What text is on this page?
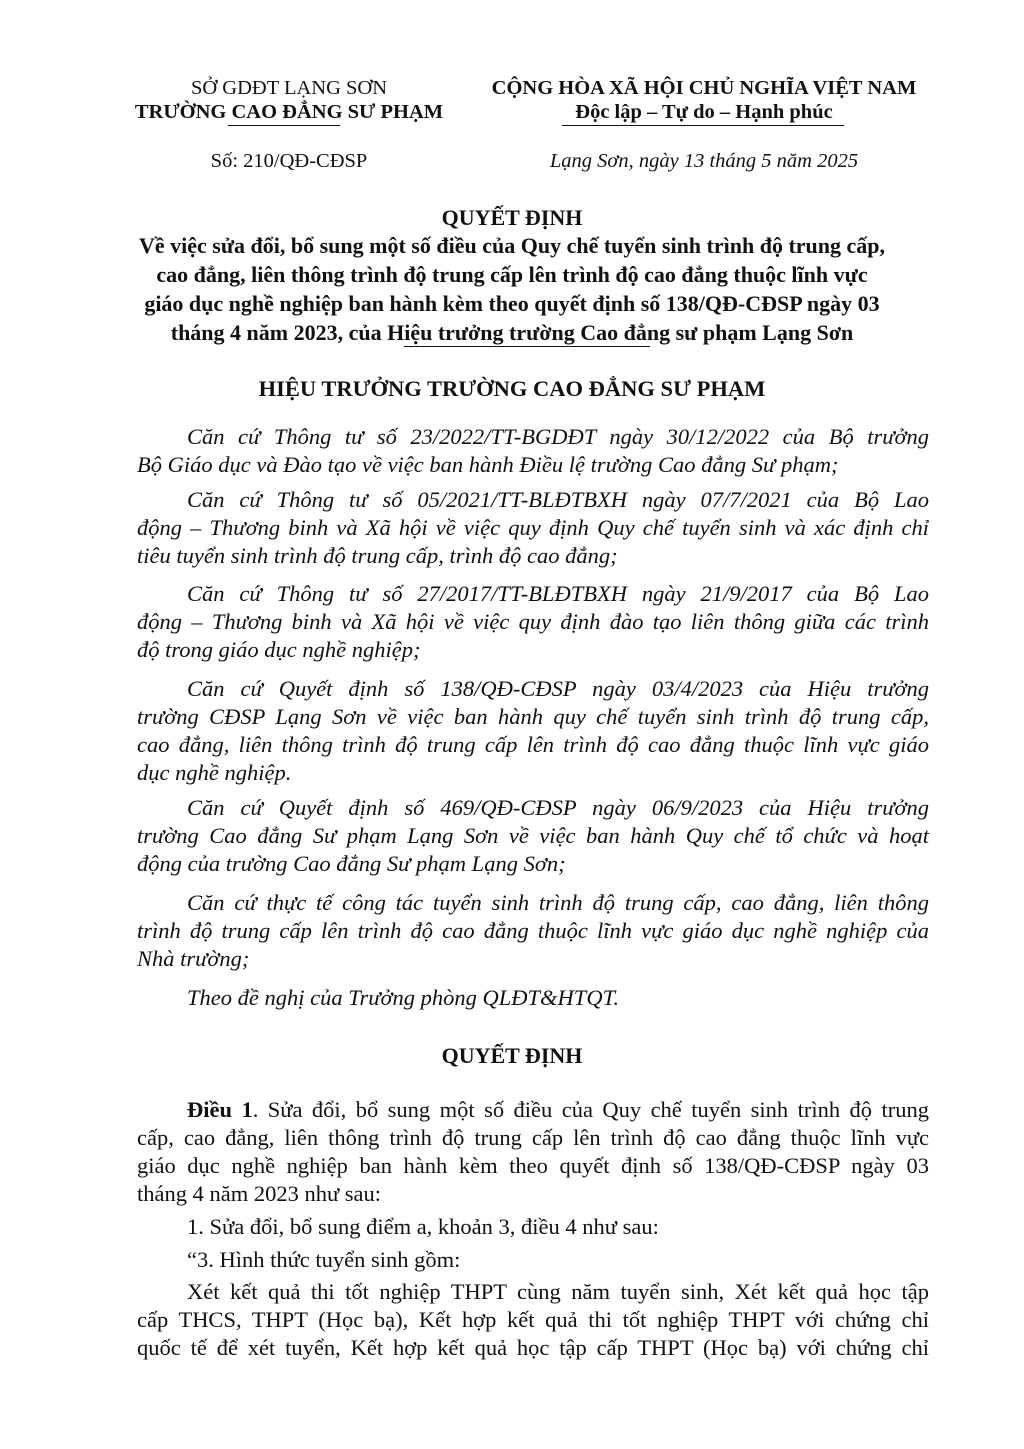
SỞ GDĐT LẠNG SƠN
TRƯỜNG CAO ĐẲNG SƯ PHẠM
CỘNG HÒA XÃ HỘI CHỦ NGHĨA VIỆT NAM
Độc lập – Tự do – Hạnh phúc
Số: 210/QĐ-CĐSP	Lạng Sơn, ngày 13 tháng 5 năm 2025
QUYẾT ĐỊNH
Về việc sửa đổi, bổ sung một số điều của Quy chế tuyển sinh trình độ trung cấp,
cao đẳng, liên thông trình độ trung cấp lên trình độ cao đẳng thuộc lĩnh vực
giáo dục nghề nghiệp ban hành kèm theo quyết định số 138/QĐ-CĐSP ngày 03
tháng 4 năm 2023, của Hiệu trưởng trường Cao đẳng sư phạm Lạng Sơn
HIỆU TRƯỞNG TRƯỜNG CAO ĐẲNG SƯ PHẠM
Căn cứ Thông tư số 23/2022/TT-BGDĐT ngày 30/12/2022 của Bộ trưởng
Bộ Giáo dục và Đào tạo về việc ban hành Điều lệ trường Cao đẳng Sư phạm;
Căn cứ Thông tư số 05/2021/TT-BLĐTBXH ngày 07/7/2021 của Bộ Lao
động – Thương binh và Xã hội về việc quy định Quy chế tuyển sinh và xác định chỉ
tiêu tuyển sinh trình độ trung cấp, trình độ cao đẳng;
Căn cứ Thông tư số 27/2017/TT-BLĐTBXH ngày 21/9/2017 của Bộ Lao
động – Thương binh và Xã hội về việc quy định đào tạo liên thông giữa các trình
độ trong giáo dục nghề nghiệp;
Căn cứ Quyết định số 138/QĐ-CĐSP ngày 03/4/2023 của Hiệu trưởng
trường CĐSP Lạng Sơn về việc ban hành quy chế tuyển sinh trình độ trung cấp,
cao đẳng, liên thông trình độ trung cấp lên trình độ cao đẳng thuộc lĩnh vực giáo
dục nghề nghiệp.
Căn cứ Quyết định số 469/QĐ-CĐSP ngày 06/9/2023 của Hiệu trưởng
trường Cao đẳng Sư phạm Lạng Sơn về việc ban hành Quy chế tổ chức và hoạt
động của trường Cao đẳng Sư phạm Lạng Sơn;
Căn cứ thực tế công tác tuyển sinh trình độ trung cấp, cao đẳng, liên thông
trình độ trung cấp lên trình độ cao đẳng thuộc lĩnh vực giáo dục nghề nghiệp của
Nhà trường;
Theo đề nghị của Trưởng phòng QLĐT&HTQT.
QUYẾT ĐỊNH
Điều 1. Sửa đổi, bổ sung một số điều của Quy chế tuyển sinh trình độ trung
cấp, cao đẳng, liên thông trình độ trung cấp lên trình độ cao đẳng thuộc lĩnh vực
giáo dục nghề nghiệp ban hành kèm theo quyết định số 138/QĐ-CĐSP ngày 03
tháng 4 năm 2023 như sau:
1. Sửa đổi, bổ sung điểm a, khoản 3, điều 4 như sau:
“3. Hình thức tuyển sinh gồm:
Xét kết quả thi tốt nghiệp THPT cùng năm tuyển sinh, Xét kết quả học tập
cấp THCS, THPT (Học bạ), Kết hợp kết quả thi tốt nghiệp THPT với chứng chỉ
quốc tế để xét tuyển, Kết hợp kết quả học tập cấp THPT (Học bạ) với chứng chỉ
